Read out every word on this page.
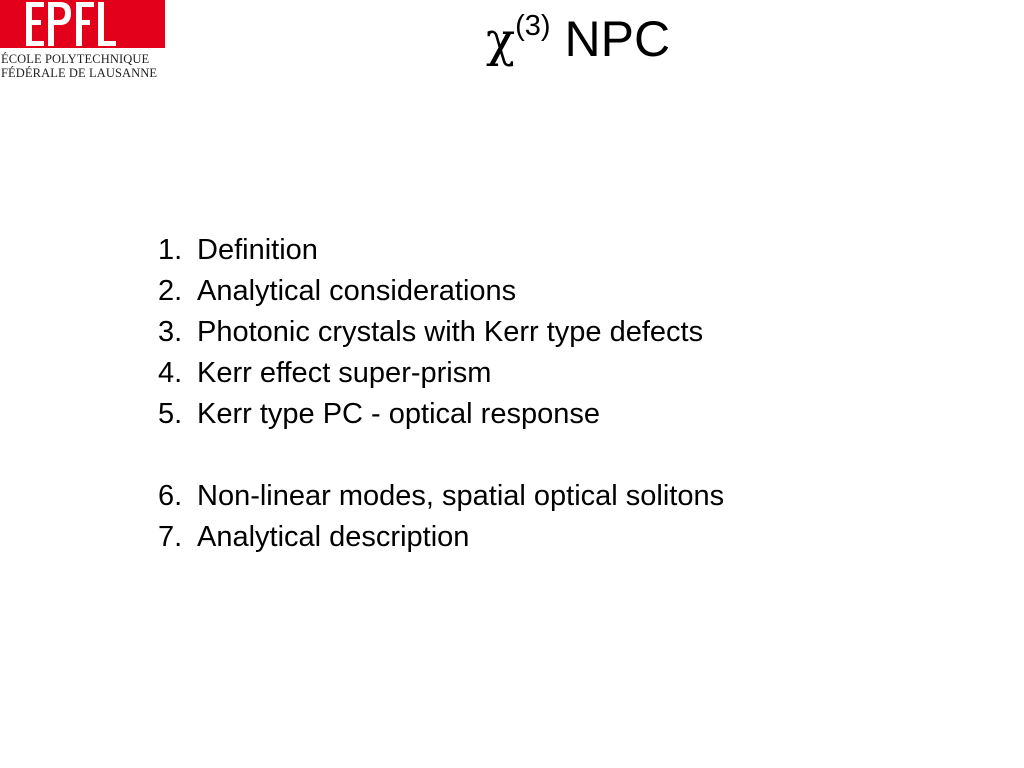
ÉCOLE POLYTECHNIQUE
FÉDÉRALE DE LAUSANNE
$\chi^{(3)}$ NPC
1. Definition
2. Analytical considerations
3. Photonic crystals with Kerr type defects
4. Kerr effect super-prism
5. Kerr type PC - optical response
6. Non-linear modes, spatial optical solitons
7. Analytical description
